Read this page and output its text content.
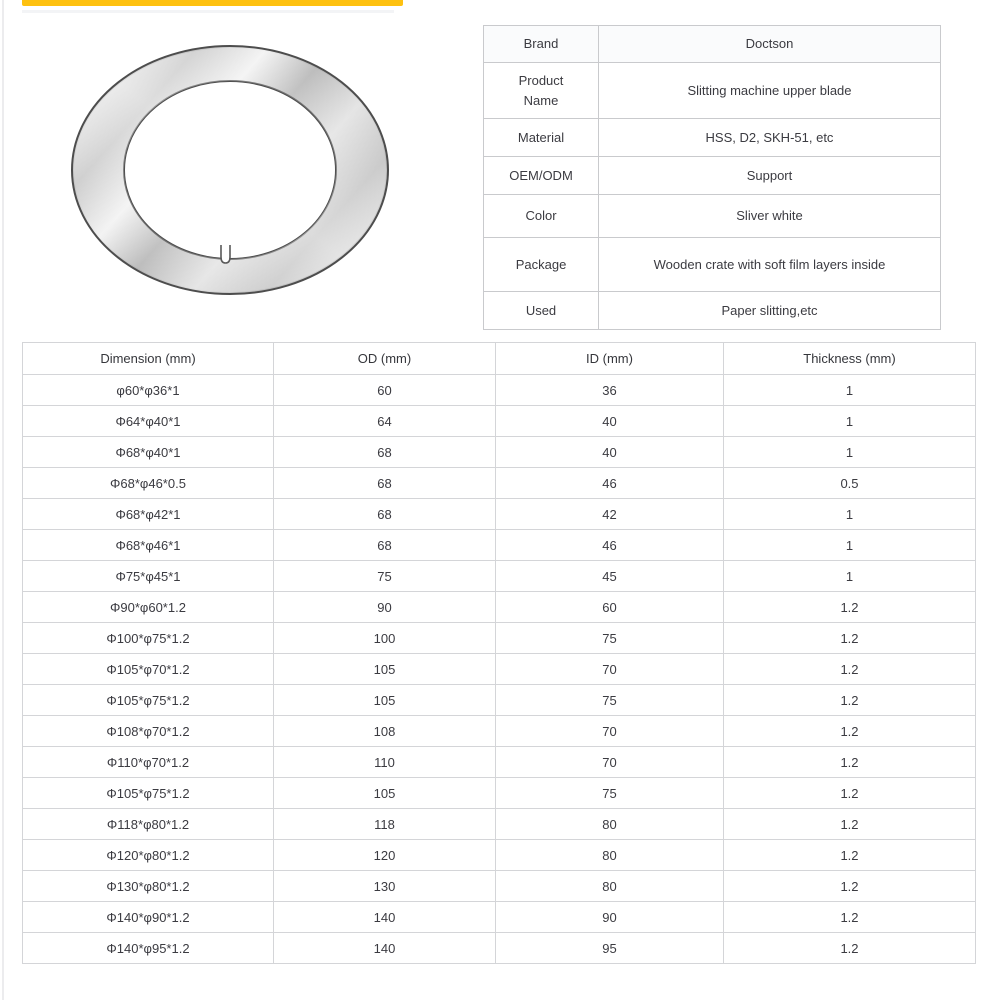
Brand	Doctson
Product Name	Slitting machine upper blade
Material	HSS, D2, SKH-51, etc
OEM/ODM	Support
Color	Sliver white
Package	Wooden crate with soft film layers inside
Used	Paper slitting,etc
Dimension (mm)	OD (mm)	ID (mm)	Thickness (mm)
φ60*φ36*1	60	36	1
Φ64*φ40*1	64	40	1
Φ68*φ40*1	68	40	1
Φ68*φ46*0.5	68	46	0.5
Φ68*φ42*1	68	42	1
Φ68*φ46*1	68	46	1
Φ75*φ45*1	75	45	1
Φ90*φ60*1.2	90	60	1.2
Φ100*φ75*1.2	100	75	1.2
Φ105*φ70*1.2	105	70	1.2
Φ105*φ75*1.2	105	75	1.2
Φ108*φ70*1.2	108	70	1.2
Φ110*φ70*1.2	110	70	1.2
Φ105*φ75*1.2	105	75	1.2
Φ118*φ80*1.2	118	80	1.2
Φ120*φ80*1.2	120	80	1.2
Φ130*φ80*1.2	130	80	1.2
Φ140*φ90*1.2	140	90	1.2
Φ140*φ95*1.2	140	95	1.2
